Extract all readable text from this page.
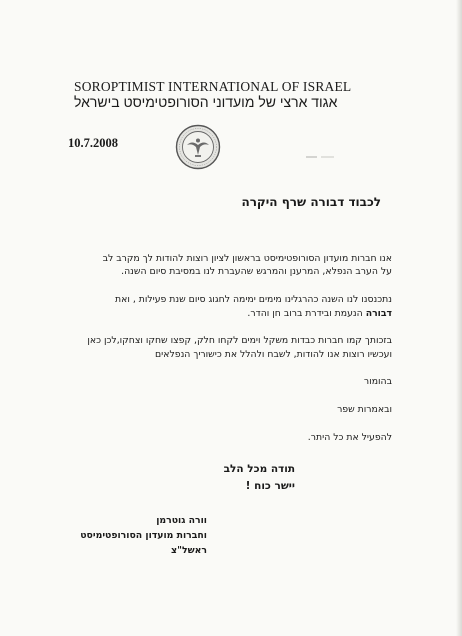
SOROPTIMIST INTERNATIONAL OF ISRAEL
אגוד ארצי של מועדוני הסורופטימיסט בישראל
10.7.2008
לכבוד דבורה שרף היקרה
אנו חברות מועדון הסורופטימיסט בראשון לציון רוצות להודות לך מקרב לב
על הערב הנפלא, המרענן והמרגש שהעברת לנו במסיבת סיום השנה.
נתכנסנו לנו השנה כהרגלינו מימים ימימה לחגוג סיום שנת פעילות , ואת
דבורה הנעמת ובידרת ברוב חן והדר.
בזכותך קמו חברות כבדות משקל וימים לקחו חלק, קפצו שחקו וצחקו,לכן כאן
ועכשיו רוצות אנו להודות, לשבח ולהלל את כישוריך הנפלאים
בהומור
ובאמרות שפר
להפעיל את כל היתר.
תודה מכל הלב
יישר כוח !
וורה גוטרמן
וחברות מועדון הסורופטימיסט
ראשל"צ
